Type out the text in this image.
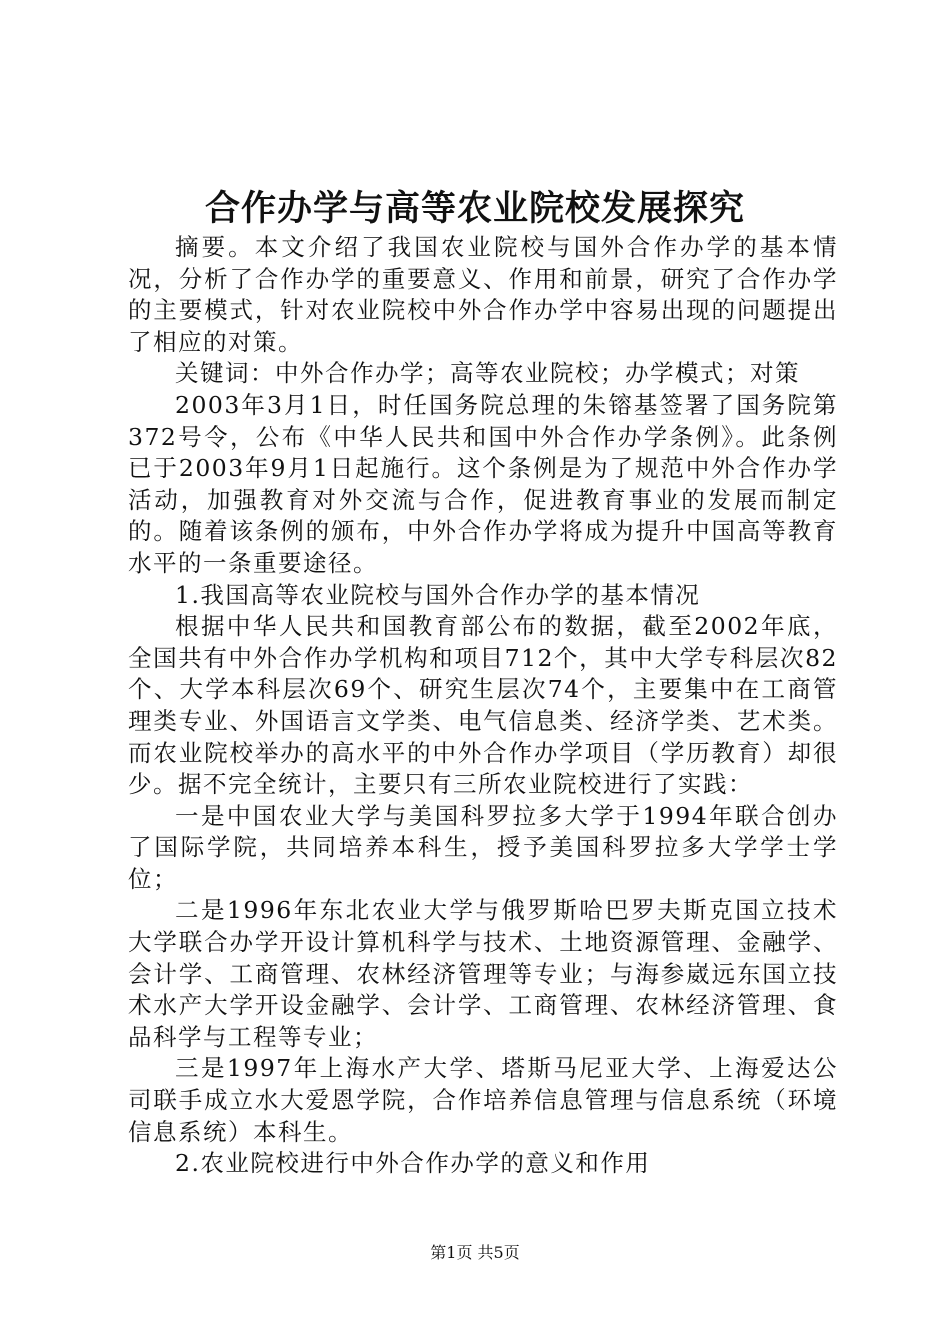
合作办学与高等农业院校发展探究

摘要。本文介绍了我国农业院校与国外合作办学的基本情况，分析了合作办学的重要意义、作用和前景，研究了合作办学的主要模式，针对农业院校中外合作办学中容易出现的问题提出了相应的对策。

关键词：中外合作办学；高等农业院校；办学模式；对策

2003年3月1日，时任国务院总理的朱镕基签署了国务院第372号令，公布《中华人民共和国中外合作办学条例》。此条例已于2003年9月1日起施行。这个条例是为了规范中外合作办学活动，加强教育对外交流与合作，促进教育事业的发展而制定的。随着该条例的颁布，中外合作办学将成为提升中国高等教育水平的一条重要途径。

1.我国高等农业院校与国外合作办学的基本情况

根据中华人民共和国教育部公布的数据，截至2002年底，全国共有中外合作办学机构和项目712个，其中大学专科层次82个、大学本科层次69个、研究生层次74个，主要集中在工商管理类专业、外国语言文学类、电气信息类、经济学类、艺术类。而农业院校举办的高水平的中外合作办学项目（学历教育）却很少。据不完全统计，主要只有三所农业院校进行了实践：

一是中国农业大学与美国科罗拉多大学于1994年联合创办了国际学院，共同培养本科生，授予美国科罗拉多大学学士学位；

二是1996年东北农业大学与俄罗斯哈巴罗夫斯克国立技术大学联合办学开设计算机科学与技术、土地资源管理、金融学、会计学、工商管理、农林经济管理等专业；与海参崴远东国立技术水产大学开设金融学、会计学、工商管理、农林经济管理、食品科学与工程等专业；

三是1997年上海水产大学、塔斯马尼亚大学、上海爱达公司联手成立水大爱恩学院，合作培养信息管理与信息系统（环境信息系统）本科生。

2.农业院校进行中外合作办学的意义和作用

第1页 共5页
